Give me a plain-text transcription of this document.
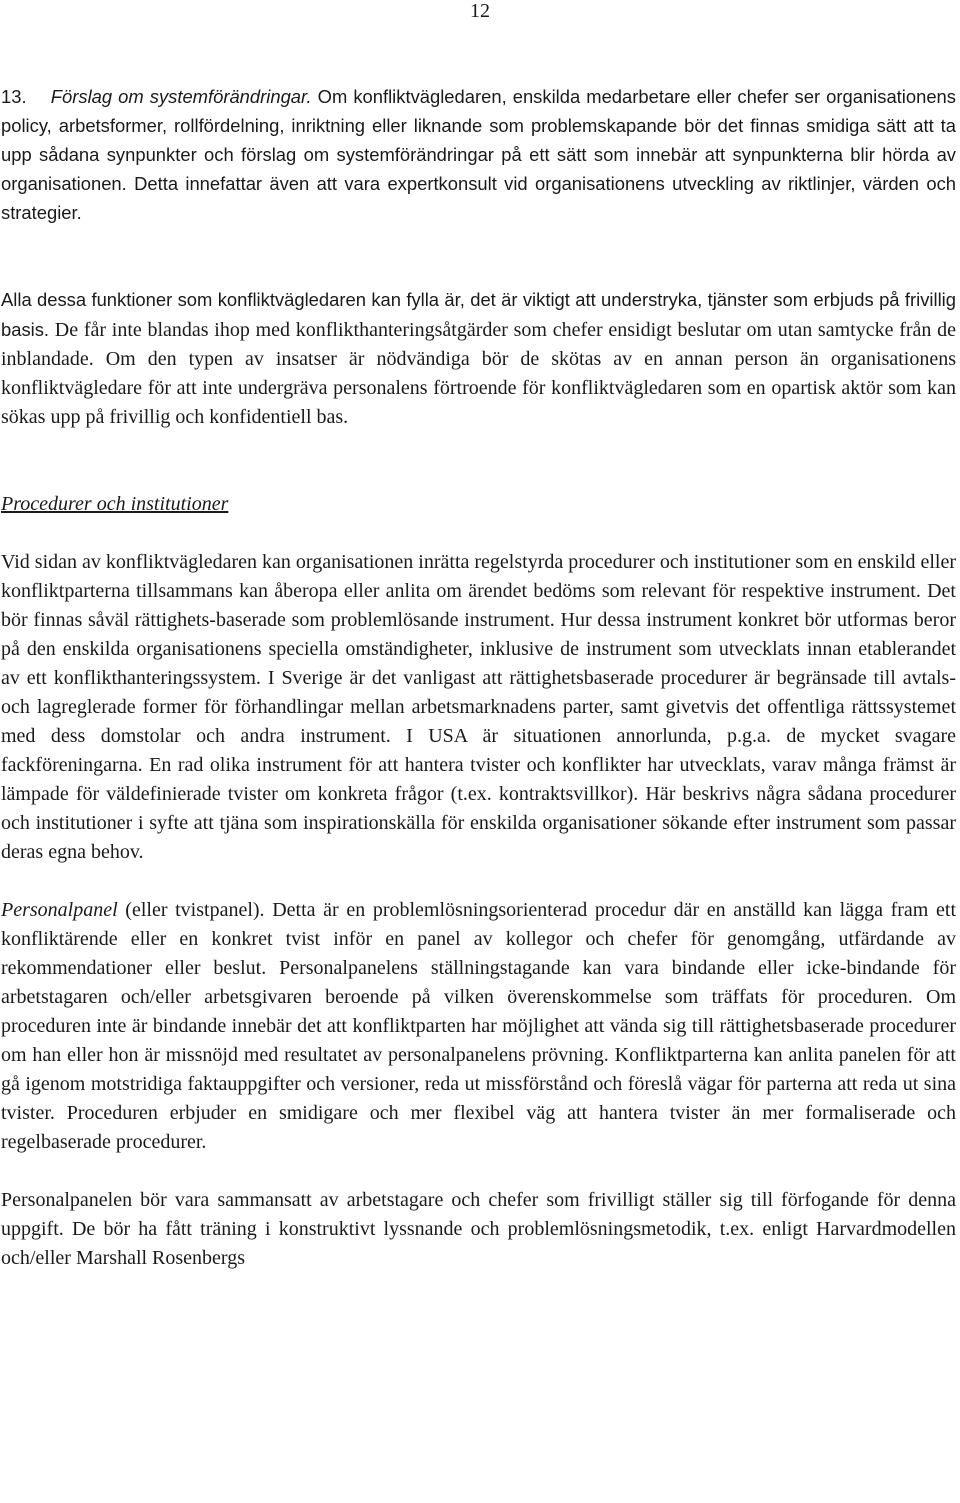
12

13. Förslag om systemförändringar. Om konfliktvägledaren, enskilda medarbetare eller chefer ser organisationens policy, arbetsformer, rollfördelning, inriktning eller liknande som problemskapande bör det finnas smidiga sätt att ta upp sådana synpunkter och förslag om systemförändringar på ett sätt som innebär att synpunkterna blir hörda av organisationen. Detta innefattar även att vara expertkonsult vid organisationens utveckling av riktlinjer, värden och strategier.

Alla dessa funktioner som konfliktvägledaren kan fylla är, det är viktigt att understryka, tjänster som erbjuds på frivillig basis. De får inte blandas ihop med konflikthanteringsåtgärder som chefer ensidigt beslutar om utan samtycke från de inblandade. Om den typen av insatser är nödvändiga bör de skötas av en annan person än organisationens konfliktvägledare för att inte undergräva personalens förtroende för konfliktvägledaren som en opartisk aktör som kan sökas upp på frivillig och konfidentiell bas.

Procedurer och institutioner

Vid sidan av konfliktvägledaren kan organisationen inrätta regelstyrda procedurer och institutioner som en enskild eller konfliktparterna tillsammans kan åberopa eller anlita om ärendet bedöms som relevant för respektive instrument. Det bör finnas såväl rättighets-baserade som problemlösande instrument. Hur dessa instrument konkret bör utformas beror på den enskilda organisationens speciella omständigheter, inklusive de instrument som utvecklats innan etablerandet av ett konflikthanteringssystem. I Sverige är det vanligast att rättighetsbaserade procedurer är begränsade till avtals- och lagreglerade former för förhandlingar mellan arbetsmarknadens parter, samt givetvis det offentliga rättssystemet med dess domstolar och andra instrument. I USA är situationen annorlunda, p.g.a. de mycket svagare fackföreningarna. En rad olika instrument för att hantera tvister och konflikter har utvecklats, varav många främst är lämpade för väldefinierade tvister om konkreta frågor (t.ex. kontraktsvillkor). Här beskrivs några sådana procedurer och institutioner i syfte att tjäna som inspirationskälla för enskilda organisationer sökande efter instrument som passar deras egna behov.

Personalpanel (eller tvistpanel). Detta är en problemlösningsorienterad procedur där en anställd kan lägga fram ett konfliktärende eller en konkret tvist inför en panel av kollegor och chefer för genomgång, utfärdande av rekommendationer eller beslut. Personalpanelens ställningstagande kan vara bindande eller icke-bindande för arbetstagaren och/eller arbetsgivaren beroende på vilken överenskommelse som träffats för proceduren. Om proceduren inte är bindande innebär det att konfliktparten har möjlighet att vända sig till rättighetsbaserade procedurer om han eller hon är missnöjd med resultatet av personalpanelens prövning. Konfliktparterna kan anlita panelen för att gå igenom motstridiga faktauppgifter och versioner, reda ut missförstånd och föreslå vägar för parterna att reda ut sina tvister. Proceduren erbjuder en smidigare och mer flexibel väg att hantera tvister än mer formaliserade och regelbaserade procedurer.

Personalpanelen bör vara sammansatt av arbetstagare och chefer som frivilligt ställer sig till förfogande för denna uppgift. De bör ha fått träning i konstruktivt lyssnande och problemlösningsmetodik, t.ex. enligt Harvardmodellen och/eller Marshall Rosenbergs
